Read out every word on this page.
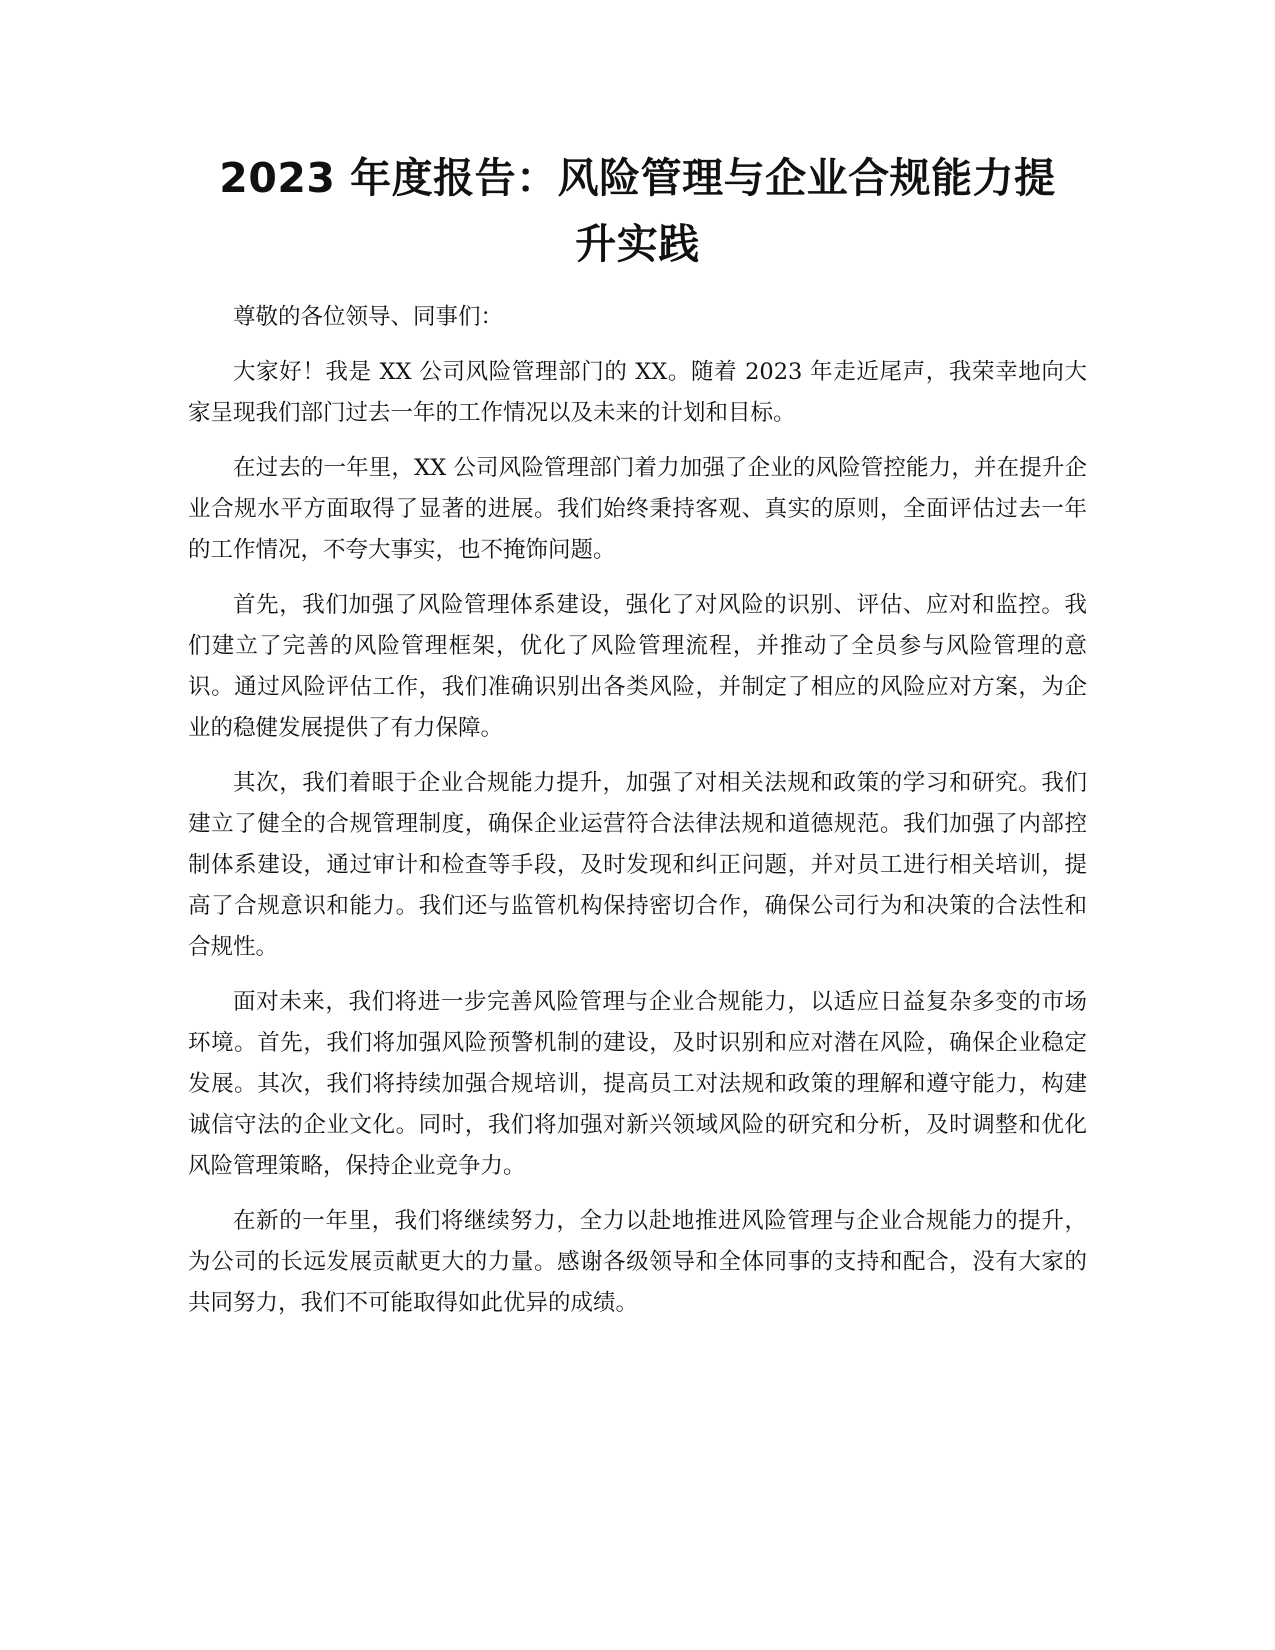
2023 年度报告：风险管理与企业合规能力提
升实践

尊敬的各位领导、同事们：

大家好！我是 XX 公司风险管理部门的 XX。随着 2023 年走近尾声，我荣幸地向大家呈现我们部门过去一年的工作情况以及未来的计划和目标。

在过去的一年里，XX 公司风险管理部门着力加强了企业的风险管控能力，并在提升企业合规水平方面取得了显著的进展。我们始终秉持客观、真实的原则，全面评估过去一年的工作情况，不夸大事实，也不掩饰问题。

首先，我们加强了风险管理体系建设，强化了对风险的识别、评估、应对和监控。我们建立了完善的风险管理框架，优化了风险管理流程，并推动了全员参与风险管理的意识。通过风险评估工作，我们准确识别出各类风险，并制定了相应的风险应对方案，为企业的稳健发展提供了有力保障。

其次，我们着眼于企业合规能力提升，加强了对相关法规和政策的学习和研究。我们建立了健全的合规管理制度，确保企业运营符合法律法规和道德规范。我们加强了内部控制体系建设，通过审计和检查等手段，及时发现和纠正问题，并对员工进行相关培训，提高了合规意识和能力。我们还与监管机构保持密切合作，确保公司行为和决策的合法性和合规性。

面对未来，我们将进一步完善风险管理与企业合规能力，以适应日益复杂多变的市场环境。首先，我们将加强风险预警机制的建设，及时识别和应对潜在风险，确保企业稳定发展。其次，我们将持续加强合规培训，提高员工对法规和政策的理解和遵守能力，构建诚信守法的企业文化。同时，我们将加强对新兴领域风险的研究和分析，及时调整和优化风险管理策略，保持企业竞争力。

在新的一年里，我们将继续努力，全力以赴地推进风险管理与企业合规能力的提升，为公司的长远发展贡献更大的力量。感谢各级领导和全体同事的支持和配合，没有大家的共同努力，我们不可能取得如此优异的成绩。
